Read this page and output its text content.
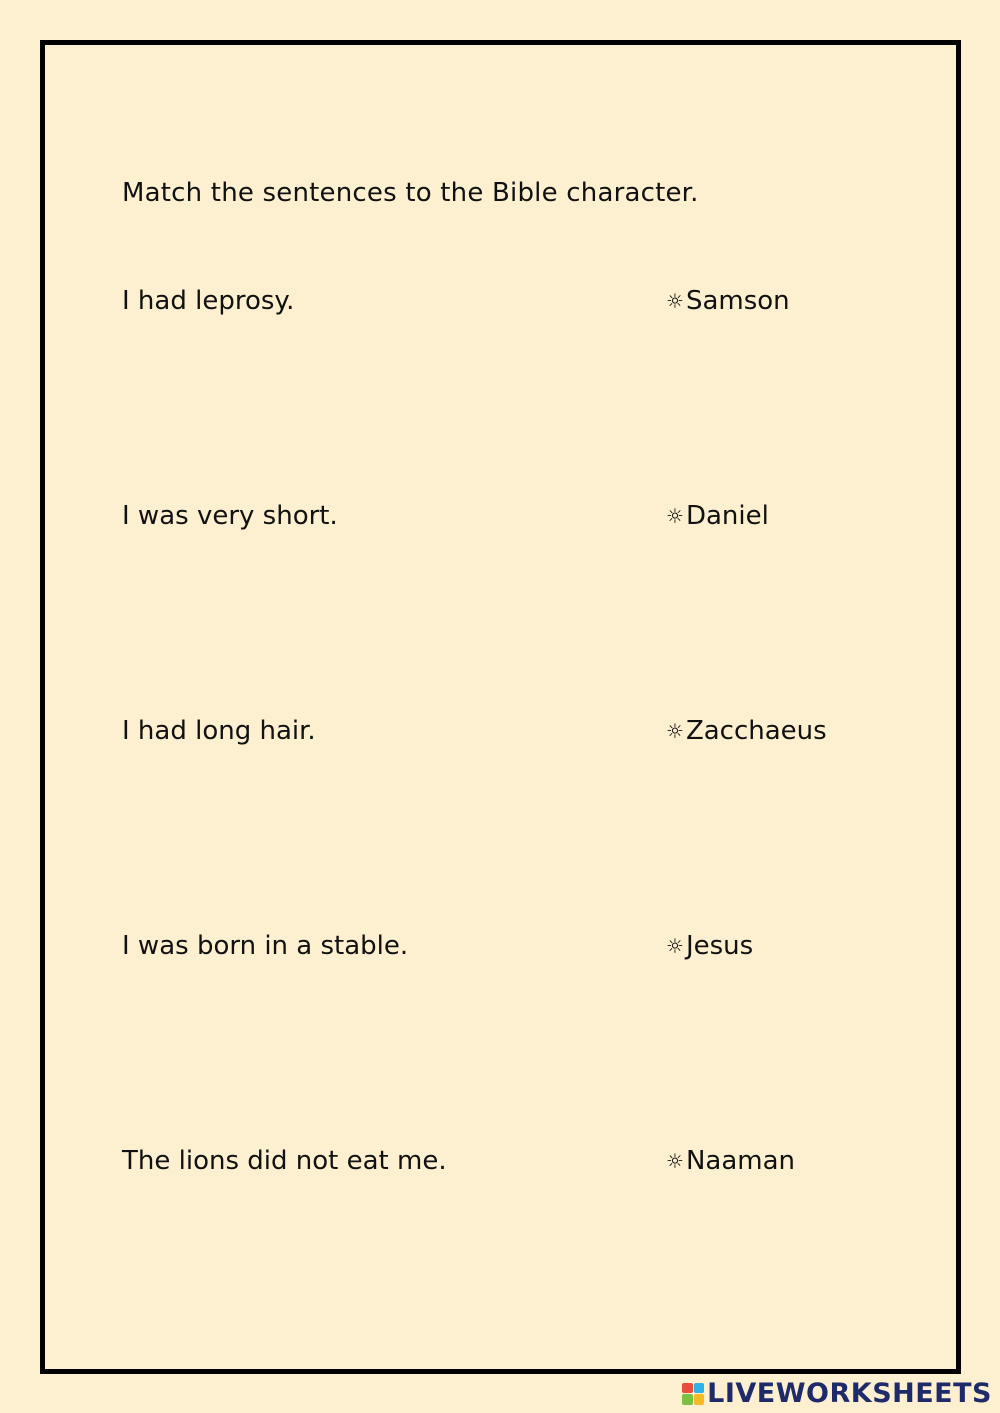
Match the sentences to the Bible character.
I had leprosy.	☼ Samson
I was very short.	☼ Daniel
I had long hair.	☼ Zacchaeus
I was born in a stable.	☼ Jesus
The lions did not eat me.	☼ Naaman
LIVEWORKSHEETS
